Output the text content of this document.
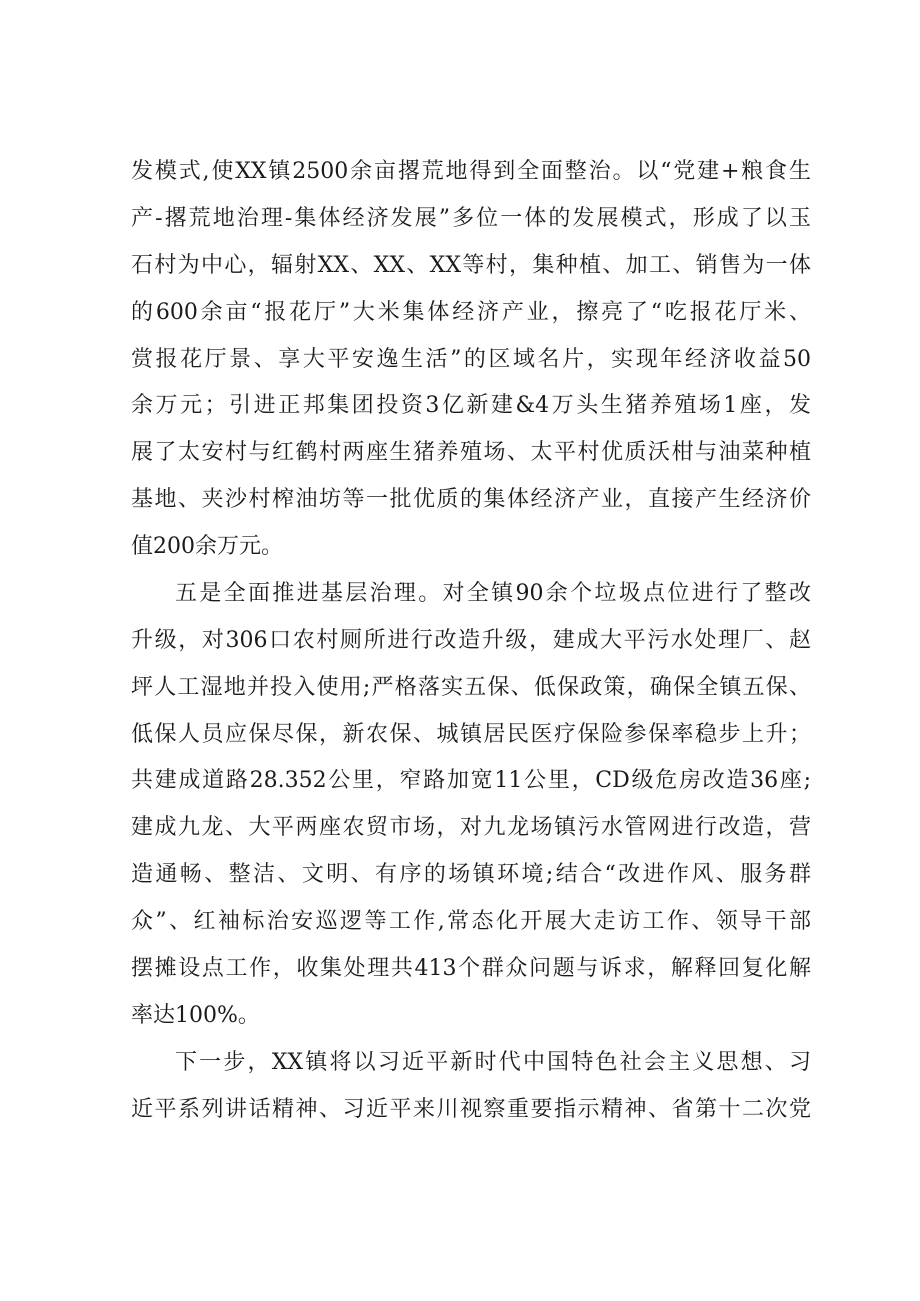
发模式,使XX镇2500余亩撂荒地得到全面整治。以“党建+粮食生

产-撂荒地治理-集体经济发展”多位一体的发展模式，形成了以玉

石村为中心，辐射XX、XX、XX等村，集种植、加工、销售为一体

的600余亩“报花厅”大米集体经济产业，擦亮了“吃报花厅米、

赏报花厅景、享大平安逸生活”的区域名片，实现年经济收益50

余万元；引进正邦集团投资3亿新建&4万头生猪养殖场1座，发

展了太安村与红鹤村两座生猪养殖场、太平村优质沃柑与油菜种植

基地、夹沙村榨油坊等一批优质的集体经济产业，直接产生经济价

值200余万元。

五是全面推进基层治理。对全镇90余个垃圾点位进行了整改

升级，对306口农村厕所进行改造升级，建成大平污水处理厂、赵

坪人工湿地并投入使用;严格落实五保、低保政策，确保全镇五保、

低保人员应保尽保，新农保、城镇居民医疗保险参保率稳步上升；

共建成道路28.352公里，窄路加宽11公里，CD级危房改造36座;

建成九龙、大平两座农贸市场，对九龙场镇污水管网进行改造，营

造通畅、整洁、文明、有序的场镇环境;结合“改进作风、服务群

众”、红袖标治安巡逻等工作,常态化开展大走访工作、领导干部

摆摊设点工作，收集处理共413个群众问题与诉求，解释回复化解

率达100%。

下一步，XX镇将以习近平新时代中国特色社会主义思想、习

近平系列讲话精神、习近平来川视察重要指示精神、省第十二次党
